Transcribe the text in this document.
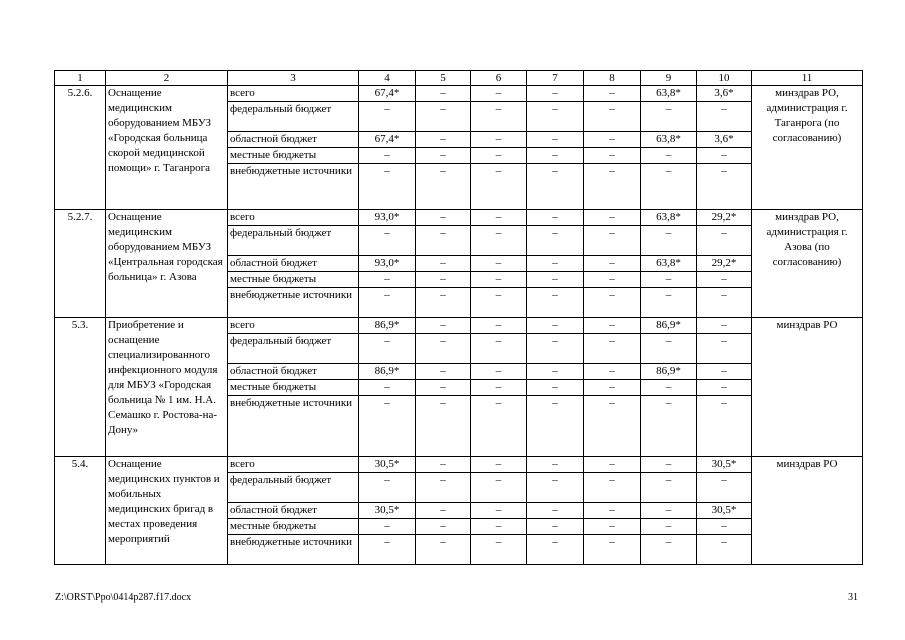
1	2	3	4	5	6	7	8	9	10	11
5.2.6.	Оснащение медицинским оборудованием МБУЗ «Городская больница скорой медицинской помощи» г. Таганрога	всего	67,4*	–	–	–	–	63,8*	3,6*	минздрав РО, администрация г. Таганрога (по согласованию)
		федеральный бюджет	–	–	–	–	–	–	–	
		областной бюджет	67,4*	–	–	–	–	63,8*	3,6*	
		местные бюджеты	–	–	–	–	–	–	–	
		внебюджетные источники	–	–	–	–	–	–	–	
5.2.7.	Оснащение медицинским оборудованием МБУЗ «Центральная городская больница» г. Азова	всего	93,0*	–	–	–	–	63,8*	29,2*	минздрав РО, администрация г. Азова (по согласованию)
		федеральный бюджет	–	–	–	–	–	–	–	
		областной бюджет	93,0*	–	–	–	–	63,8*	29,2*	
		местные бюджеты	–	–	–	–	–	–	–	
		внебюджетные источники	–	–	–	–	–	–	–	
5.3.	Приобретение и оснащение специализированного инфекционного модуля для МБУЗ «Городская больница № 1 им. Н.А. Семашко г. Ростова-на-Дону»	всего	86,9*	–	–	–	–	86,9*	–	минздрав РО
		федеральный бюджет	–	–	–	–	–	–	–	
		областной бюджет	86,9*	–	–	–	–	86,9*	–	
		местные бюджеты	–	–	–	–	–	–	–	
		внебюджетные источники	–	–	–	–	–	–	–	
5.4.	Оснащение медицинских пунктов и мобильных медицинских бригад в местах проведения мероприятий	всего	30,5*	–	–	–	–	–	30,5*	минздрав РО
		федеральный бюджет	–	–	–	–	–	–	–	
		областной бюджет	30,5*	–	–	–	–	–	30,5*	
		местные бюджеты	–	–	–	–	–	–	–	
		внебюджетные источники	–	–	–	–	–	–	–	
Z:\ORST\Ppo\0414p287.f17.docx	31
